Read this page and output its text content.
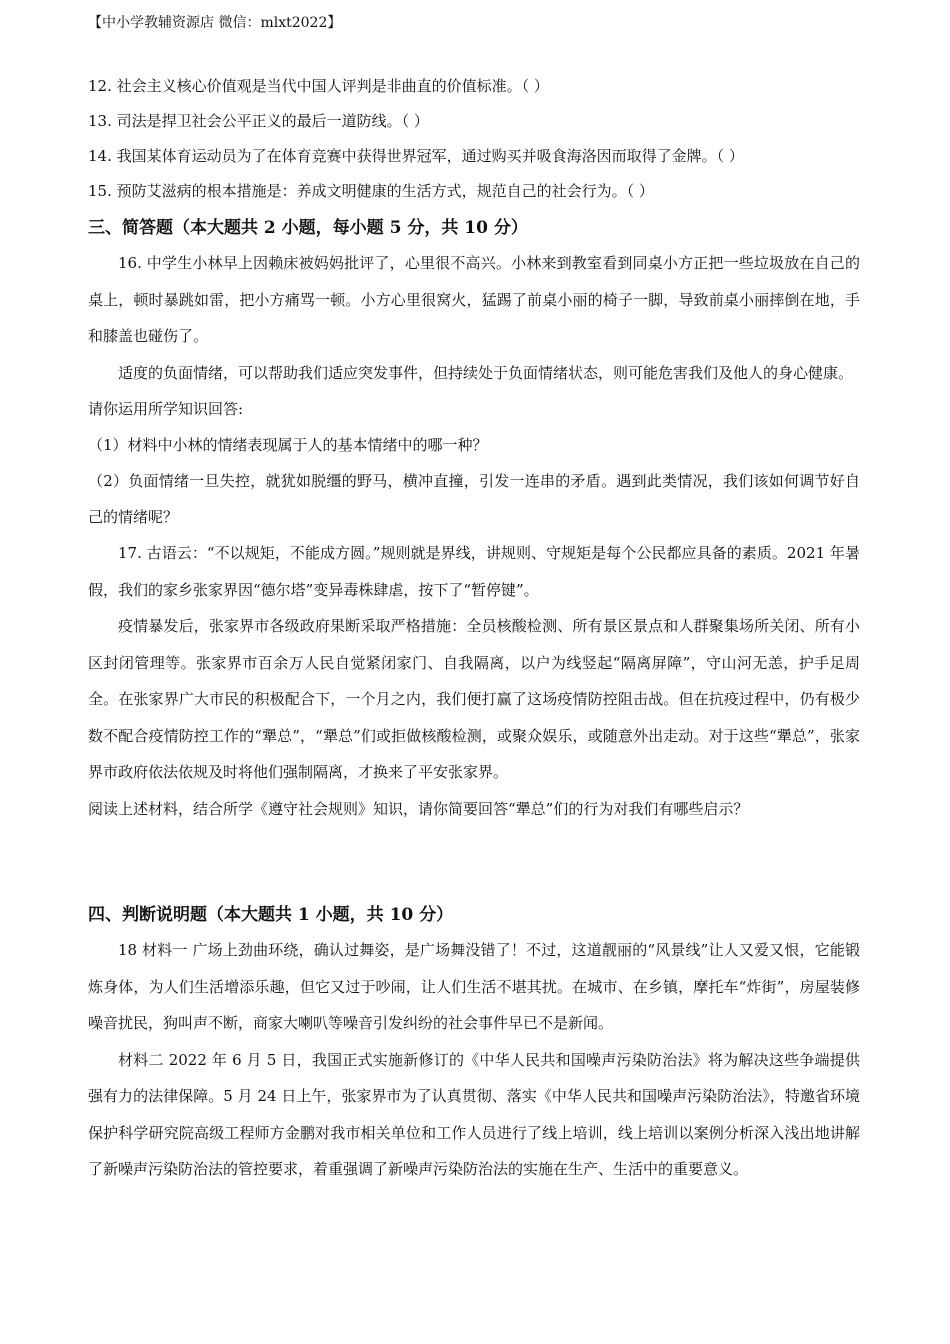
【中小学教辅资源店 微信：mlxt2022】
12. 社会主义核心价值观是当代中国人评判是非曲直的价值标准。（ ）
13. 司法是捍卫社会公平正义的最后一道防线。（ ）
14. 我国某体育运动员为了在体育竞赛中获得世界冠军，通过购买并吸食海洛因而取得了金牌。（ ）
15. 预防艾滋病的根本措施是：养成文明健康的生活方式，规范自己的社会行为。（ ）
三、简答题（本大题共 2 小题，每小题 5 分，共 10 分）

16. 中学生小林早上因赖床被妈妈批评了，心里很不高兴。小林来到教室看到同桌小方正把一些垃圾放在自己的桌上，顿时暴跳如雷，把小方痛骂一顿。小方心里很窝火，猛踢了前桌小丽的椅子一脚，导致前桌小丽摔倒在地，手和膝盖也碰伤了。

适度的负面情绪，可以帮助我们适应突发事件，但持续处于负面情绪状态，则可能危害我们及他人的身心健康。

请你运用所学知识回答:

（1）材料中小林的情绪表现属于人的基本情绪中的哪一种？

（2）负面情绪一旦失控，就犹如脱缰的野马，横冲直撞，引发一连串的矛盾。遇到此类情况，我们该如何调节好自己的情绪呢？

17. 古语云：“不以规矩，不能成方圆。”规则就是界线，讲规则、守规矩是每个公民都应具备的素质。2021 年暑假，我们的家乡张家界因“德尔塔”变异毒株肆虐，按下了“暂停键”。

疫情暴发后，张家界市各级政府果断采取严格措施：全员核酸检测、所有景区景点和人群聚集场所关闭、所有小区封闭管理等。张家界市百余万人民自觉紧闭家门、自我隔离，以户为线竖起“隔离屏障”，守山河无恙，护手足周全。在张家界广大市民的积极配合下，一个月之内，我们便打赢了这场疫情防控阻击战。但在抗疫过程中，仍有极少数不配合疫情防控工作的“犟总”，“犟总”们或拒做核酸检测，或聚众娱乐，或随意外出走动。对于这些“犟总”，张家界市政府依法依规及时将他们强制隔离，才换来了平安张家界。

阅读上述材料，结合所学《遵守社会规则》知识，请你简要回答“犟总”们的行为对我们有哪些启示？

四、判断说明题（本大题共 1 小题，共 10 分）

18 材料一 广场上劲曲环绕，确认过舞姿，是广场舞没错了！不过，这道靓丽的“风景线”让人又爱又恨，它能锻炼身体，为人们生活增添乐趣，但它又过于吵闹，让人们生活不堪其扰。在城市、在乡镇，摩托车“炸街”，房屋装修噪音扰民，狗叫声不断，商家大喇叭等噪音引发纠纷的社会事件早已不是新闻。

材料二 2022 年 6 月 5 日，我国正式实施新修订的《中华人民共和国噪声污染防治法》将为解决这些争端提供强有力的法律保障。5 月 24 日上午，张家界市为了认真贯彻、落实《中华人民共和国噪声污染防治法》，特邀省环境保护科学研究院高级工程师方金鹏对我市相关单位和工作人员进行了线上培训，线上培训以案例分析深入浅出地讲解了新噪声污染防治法的管控要求，着重强调了新噪声污染防治法的实施在生产、生活中的重要意义。
